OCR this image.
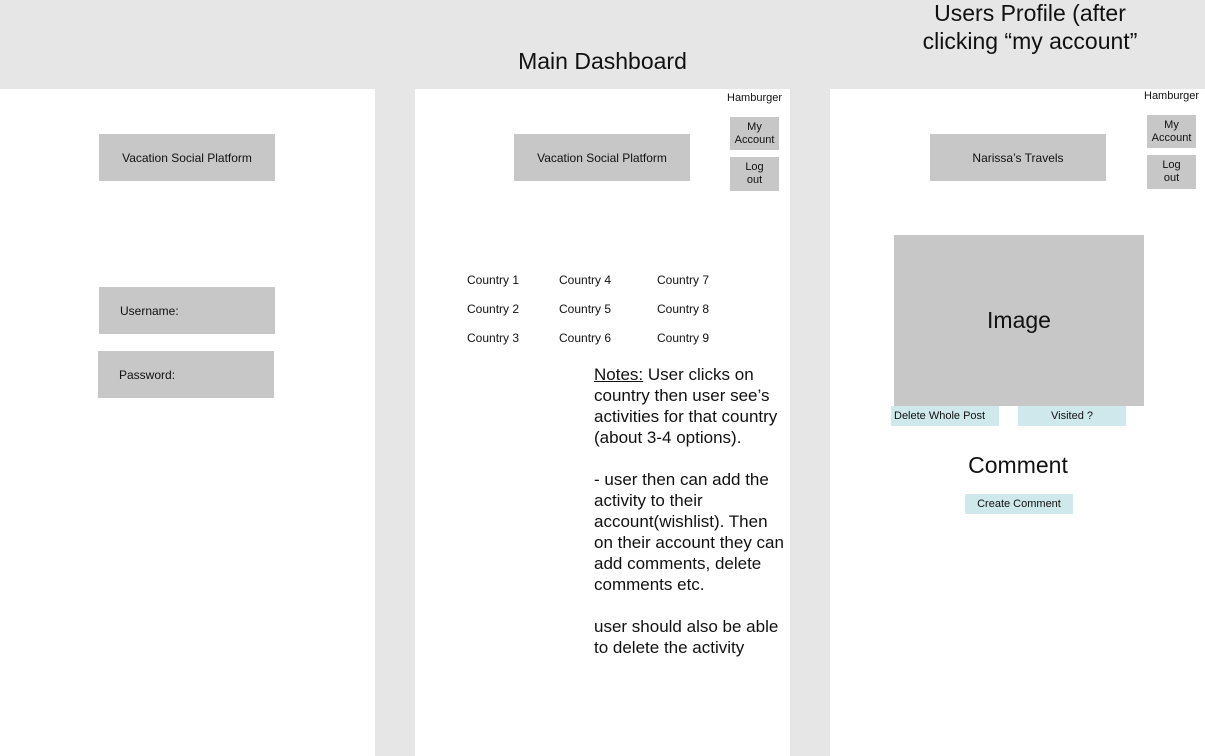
Main Dashboard
Users Profile (after clicking “my account”
Vacation Social Platform
Username:
Password:
Hamburger
My Account
Log out
Vacation Social Platform
Country 1
Country 2
Country 3
Country 4
Country 5
Country 6
Country 7
Country 8
Country 9

Notes: User clicks on country then user see’s activities for that country (about 3-4 options).

- user then can add the activity to their account(wishlist). Then on their account they can add comments, delete comments etc.

user should also be able to delete the activity

Hamburger
My Account
Log out
Narissa’s Travels
Image
Delete Whole Post	Visited ?
Comment
Create Comment
